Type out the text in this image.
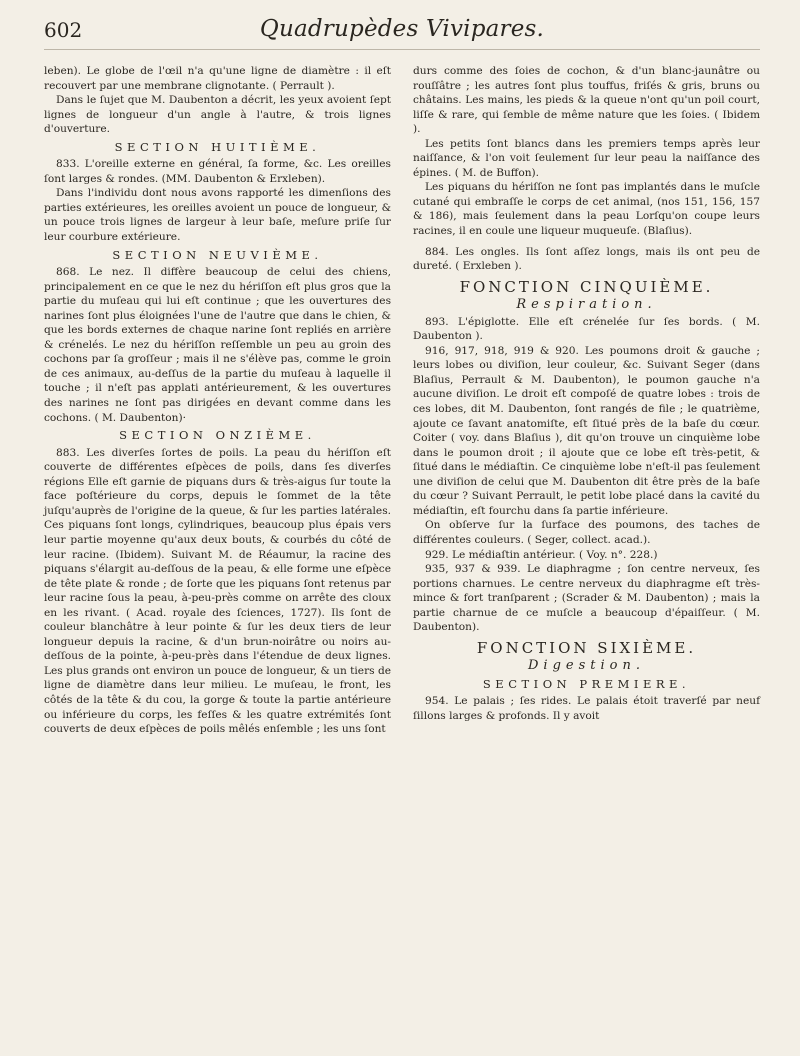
602	Quadrupèdes Vivipares.

leben). Le globe de l'œil n'a qu'une ligne de diamètre : il eſt recouvert par une membrane clignotante. ( Perrault ).

Dans le ſujet que M. Daubenton a décrit, les yeux avoient ſept lignes de longueur d'un angle à l'autre, & trois lignes d'ouverture.

SECTION HUITIÈME.

833. L'oreille externe en général, ſa forme, &c. Les oreilles ſont larges & rondes. (MM. Daubenton & Erxleben).

Dans l'individu dont nous avons rapporté les dimenſions des parties extérieures, les oreilles avoient un pouce de longueur, & un pouce trois lignes de largeur à leur baſe, meſure priſe ſur leur courbure extérieure.

SECTION NEUVIÈME.

868. Le nez. Il diffère beaucoup de celui des chiens, principalement en ce que le nez du hériſſon eſt plus gros que la partie du muſeau qui lui eſt continue ; que les ouvertures des narines ſont plus éloignées l'une de l'autre que dans le chien, & que les bords externes de chaque narine ſont repliés en arrière & crénelés. Le nez du hériſſon reſſemble un peu au groin des cochons par ſa groſſeur ; mais il ne s'élève pas, comme le groin de ces animaux, au-deſſus de la partie du muſeau à laquelle il touche ; il n'eſt pas applati antérieurement, & les ouvertures des narines ne ſont pas dirigées en devant comme dans les cochons. ( M. Daubenton)·

SECTION ONZIÈME.

883. Les diverſes ſortes de poils. La peau du hériſſon eſt couverte de différentes eſpèces de poils, dans ſes diverſes régions Elle eſt garnie de piquans durs & très-aigus ſur toute la face poſtérieure du corps, depuis le ſommet de la tête juſqu'auprès de l'origine de la queue, & ſur les parties latérales. Ces piquans ſont longs, cylindriques, beaucoup plus épais vers leur partie moyenne qu'aux deux bouts, & courbés du côté de leur racine. (Ibidem). Suivant M. de Réaumur, la racine des piquans s'élargit au-deſſous de la peau, & elle forme une eſpèce de tête plate & ronde ; de ſorte que les piquans ſont retenus par leur racine ſous la peau, à-peu-près comme on arrête des cloux en les rivant. ( Acad. royale des ſciences, 1727). Ils ſont de couleur blanchâtre à leur pointe & ſur les deux tiers de leur longueur depuis la racine, & d'un brun-noirâtre ou noirs au-deſſous de la pointe, à-peu-près dans l'étendue de deux lignes. Les plus grands ont environ un pouce de longueur, & un tiers de ligne de diamètre dans leur milieu. Le muſeau, le front, les côtés de la tête & du cou, la gorge & toute la partie antérieure ou inférieure du corps, les feſſes & les quatre extrémités ſont couverts de deux eſpèces de poils mêlés enſemble ; les uns ſont

durs comme des ſoies de cochon, & d'un blanc-jaunâtre ou rouſſâtre ; les autres ſont plus touffus, friſés & gris, bruns ou châtains. Les mains, les pieds & la queue n'ont qu'un poil court, liſſe & rare, qui ſemble de même nature que les ſoies. ( Ibidem ).

Les petits ſont blancs dans les premiers temps après leur naiſſance, & l'on voit ſeulement ſur leur peau la naiſſance des épines. ( M. de Buffon).

Les piquans du hériſſon ne ſont pas implantés dans le muſcle cutané qui embraſſe le corps de cet animal, (nos 151, 156, 157 & 186), mais ſeulement dans la peau Lorſqu'on coupe leurs racines, il en coule une liqueur muqueuſe. (Blaſius).

884. Les ongles. Ils ſont aſſez longs, mais ils ont peu de dureté. ( Erxleben ).

FONCTION CINQUIÈME.
Respiration.

893. L'épiglotte. Elle eſt crénelée ſur ſes bords. ( M. Daubenton ).

916, 917, 918, 919 & 920. Les poumons droit & gauche ; leurs lobes ou diviſion, leur couleur, &c. Suivant Seger (dans Blaſius, Perrault & M. Daubenton), le poumon gauche n'a aucune diviſion. Le droit eſt compoſé de quatre lobes : trois de ces lobes, dit M. Daubenton, ſont rangés de file ; le quatrième, ajoute ce ſavant anatomiſte, eſt ſitué près de la baſe du cœur. Coiter ( voy. dans Blaſius ), dit qu'on trouve un cinquième lobe dans le poumon droit ; il ajoute que ce lobe eſt très-petit, & ſitué dans le médiaſtin. Ce cinquième lobe n'eſt-il pas ſeulement une diviſion de celui que M. Daubenton dit être près de la baſe du cœur ? Suivant Perrault, le petit lobe placé dans la cavité du médiaſtin, eſt fourchu dans ſa partie inférieure.

On obſerve ſur la ſurface des poumons, des taches de différentes couleurs. ( Seger, collect. acad.).

929. Le médiaſtin antérieur. ( Voy. n°. 228.)

935, 937 & 939. Le diaphragme ; ſon centre nerveux, ſes portions charnues. Le centre nerveux du diaphragme eſt très-mince & fort tranſparent ; (Scrader & M. Daubenton) ; mais la partie charnue de ce muſcle a beaucoup d'épaiſſeur. ( M. Daubenton).

FONCTION SIXIÈME.
Digestion.
SECTION PREMIERE.

954. Le palais ; ſes rides. Le palais étoit traverſé par neuf ſillons larges & profonds. Il y avoit
